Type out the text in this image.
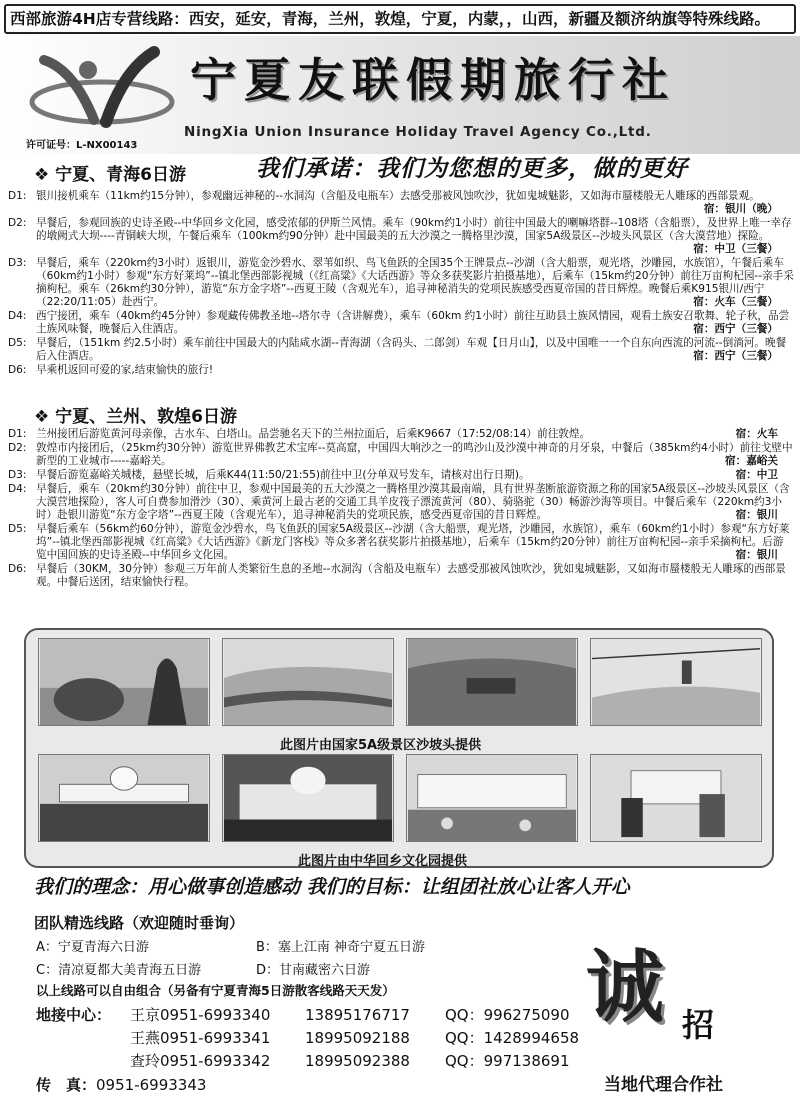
西部旅游4H店专营线路：西安，延安，青海，兰州，敦煌，宁夏，内蒙，，山西，新疆及额济纳旗等特殊线路。
宁夏友联假期旅行社
NingXia Union Insurance Holiday Travel Agency Co.,Ltd.
许可证号：L-NX00143
❖ 宁夏、青海6日游	我们承诺：我们为您想的更多，做的更好
D1: 银川接机乘车（11km约15分钟），参观幽远神秘的--水洞沟（含船及电瓶车）去感受那被风蚀吹沙，犹如鬼城魅影，又如海市蜃楼般无人雕琢的西部景观。
宿：银川（晚）
D2: 早餐后，参观回族的史诗圣殿--中华回乡文化园，感受浓郁的伊斯兰风情。乘车（90km约1小时）前往中国最大的喇嘛塔群--108塔（含船票），及世界上唯一幸存的墩阙式大坝----青铜峡大坝，午餐后乘车（100km约90分钟）赴中国最美的五大沙漠之一腾格里沙漠，国家5A级景区--沙坡头风景区（含大漠营地）探险。
宿：中卫（三餐）
D3: 早餐后，乘车（220km约3小时）返银川，游览金沙碧水、翠苇如织、鸟飞鱼跃的全国35个王牌景点--沙湖（含大船票，观光塔，沙雕园，水族馆），午餐后乘车（60km约1小时）参观“东方好莱坞”--镇北堡西部影视城（《红高粱》《大话西游》等众多获奖影片拍摄基地），后乘车（15km约20分钟）前往万亩枸杞园--亲手采摘枸杞。乘车（26km约30分钟），游览“东方金字塔”--西夏王陵（含观光车），追寻神秘消失的党项民族感受西夏帝国的昔日辉煌。晚餐后乘K915银川/西宁（22:20/11:05）赴西宁。	宿：火车（三餐）
D4: 西宁接团，乘车（40km约45分钟）参观藏传佛教圣地--塔尔寺（含讲解费），乘车（60km 约1小时）前往互助县土族风情园，观看土族安召歌舞、轮子秋，品尝土族风味餐，晚餐后入住酒店。	宿：西宁（三餐）
D5: 早餐后，（151km 约2.5小时）乘车前往中国最大的内陆咸水湖--青海湖（含码头、二郎剑）车观【日月山】，以及中国唯一一个自东向西流的河流--倒淌河。晚餐后入住酒店。	宿：西宁（三餐）
D6: 早乘机返回可爱的家,结束愉快的旅行!
❖ 宁夏、兰州、敦煌6日游
D1: 兰州接团后游览黄河母亲像，古水车、白塔山。品尝驰名天下的兰州拉面后，后乘K9667（17:52/08:14）前往敦煌。	宿：火车
D2: 敦煌市内接团后，（25km约30分钟）游览世界佛教艺术宝库--莫高窟，中国四大响沙之一的鸣沙山及沙漠中神奇的月牙泉，中餐后（385km约4小时）前往戈壁中新型的工业城市-----嘉峪关。	宿：嘉峪关
D3: 早餐后游览嘉峪关城楼，悬壁长城，后乘K44(11:50/21:55)前往中卫(分单双号发车，请核对出行日期)。	宿：中卫
D4: 早餐后，乘车（20km约30分钟）前往中卫，参观中国最美的五大沙漠之一腾格里沙漠其最南端，具有世界垄断旅游资源之称的国家5A级景区--沙坡头风景区（含大漠营地探险），客人可自费参加滑沙（30）、乘黄河上最古老的交通工具羊皮筏子漂流黄河（80）、骑骆驼（30）畅游沙海等项目。中餐后乘车（220km约3小时）赴银川游览“东方金字塔”--西夏王陵（含观光车），追寻神秘消失的党项民族，感受西夏帝国的昔日辉煌。	宿：银川
D5: 早餐后乘车（56km约60分钟），游览金沙碧水，鸟飞鱼跃的国家5A级景区--沙湖（含大船票，观光塔，沙雕园，水族馆），乘车（60km约1小时）参观“东方好莱坞”--镇北堡西部影视城《红高粱》《大话西游》《新龙门客栈》等众多著名获奖影片拍摄基地），后乘车（15km约20分钟）前往万亩枸杞园--亲手采摘枸杞。后游览中国回族的史诗圣殿--中华回乡文化园。	宿：银川
D6: 早餐后（30KM，30分钟）参观三万年前人类繁衍生息的圣地--水洞沟（含船及电瓶车）去感受那被风蚀吹沙，犹如鬼城魅影，又如海市蜃楼般无人雕琢的西部景观。中餐后送团，结束愉快行程。
此图片由国家5A级景区沙坡头提供
此图片由中华回乡文化园提供
我们的理念：用心做事创造感动 我们的目标：让组团社放心让客人开心
团队精选线路（欢迎随时垂询）
A：宁夏青海六日游	B：塞上江南 神奇宁夏五日游
C：清凉夏都大美青海五日游	D：甘南藏密六日游
以上线路可以自由组合（另备有宁夏青海5日游散客线路天天发）
地接中心： 王京0951-6993340 13895176717 QQ：996275090
王燕0951-6993341 18995092188 QQ：1428994658
查玲0951-6993342 18995092388 QQ：997138691
传　真：0951-6993343
诚 招
当地代理合作社
